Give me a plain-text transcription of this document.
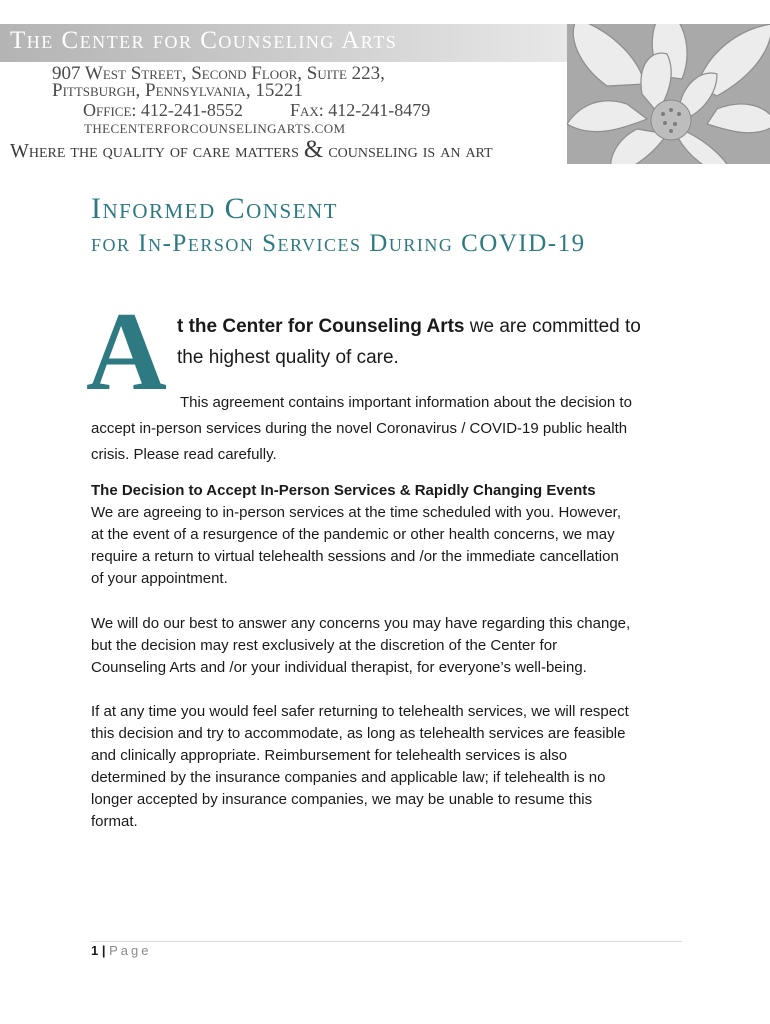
The Center for Counseling Arts
907 West Street, Second Floor, Suite 223,
Pittsburgh, Pennsylvania, 15221
Office: 412-241-8552	Fax: 412-241-8479
THECENTERFORCOUNSELINGARTS.COM
Where the quality of care matters & counseling is an art
Informed Consent
for In-Person Services During COVID-19
A t the Center for Counseling Arts we are committed to
the highest quality of care.
This agreement contains important information about the decision to
accept in-person services during the novel Coronavirus / COVID-19 public health
crisis. Please read carefully.
The Decision to Accept In-Person Services & Rapidly Changing Events
We are agreeing to in-person services at the time scheduled with you. However,
at the event of a resurgence of the pandemic or other health concerns, we may
require a return to virtual telehealth sessions and /or the immediate cancellation
of your appointment.
We will do our best to answer any concerns you may have regarding this change,
but the decision may rest exclusively at the discretion of the Center for
Counseling Arts and /or your individual therapist, for everyone’s well-being.
If at any time you would feel safer returning to telehealth services, we will respect
this decision and try to accommodate, as long as telehealth services are feasible
and clinically appropriate. Reimbursement for telehealth services is also
determined by the insurance companies and applicable law; if telehealth is no
longer accepted by insurance companies, we may be unable to resume this
format.
1 | Page
